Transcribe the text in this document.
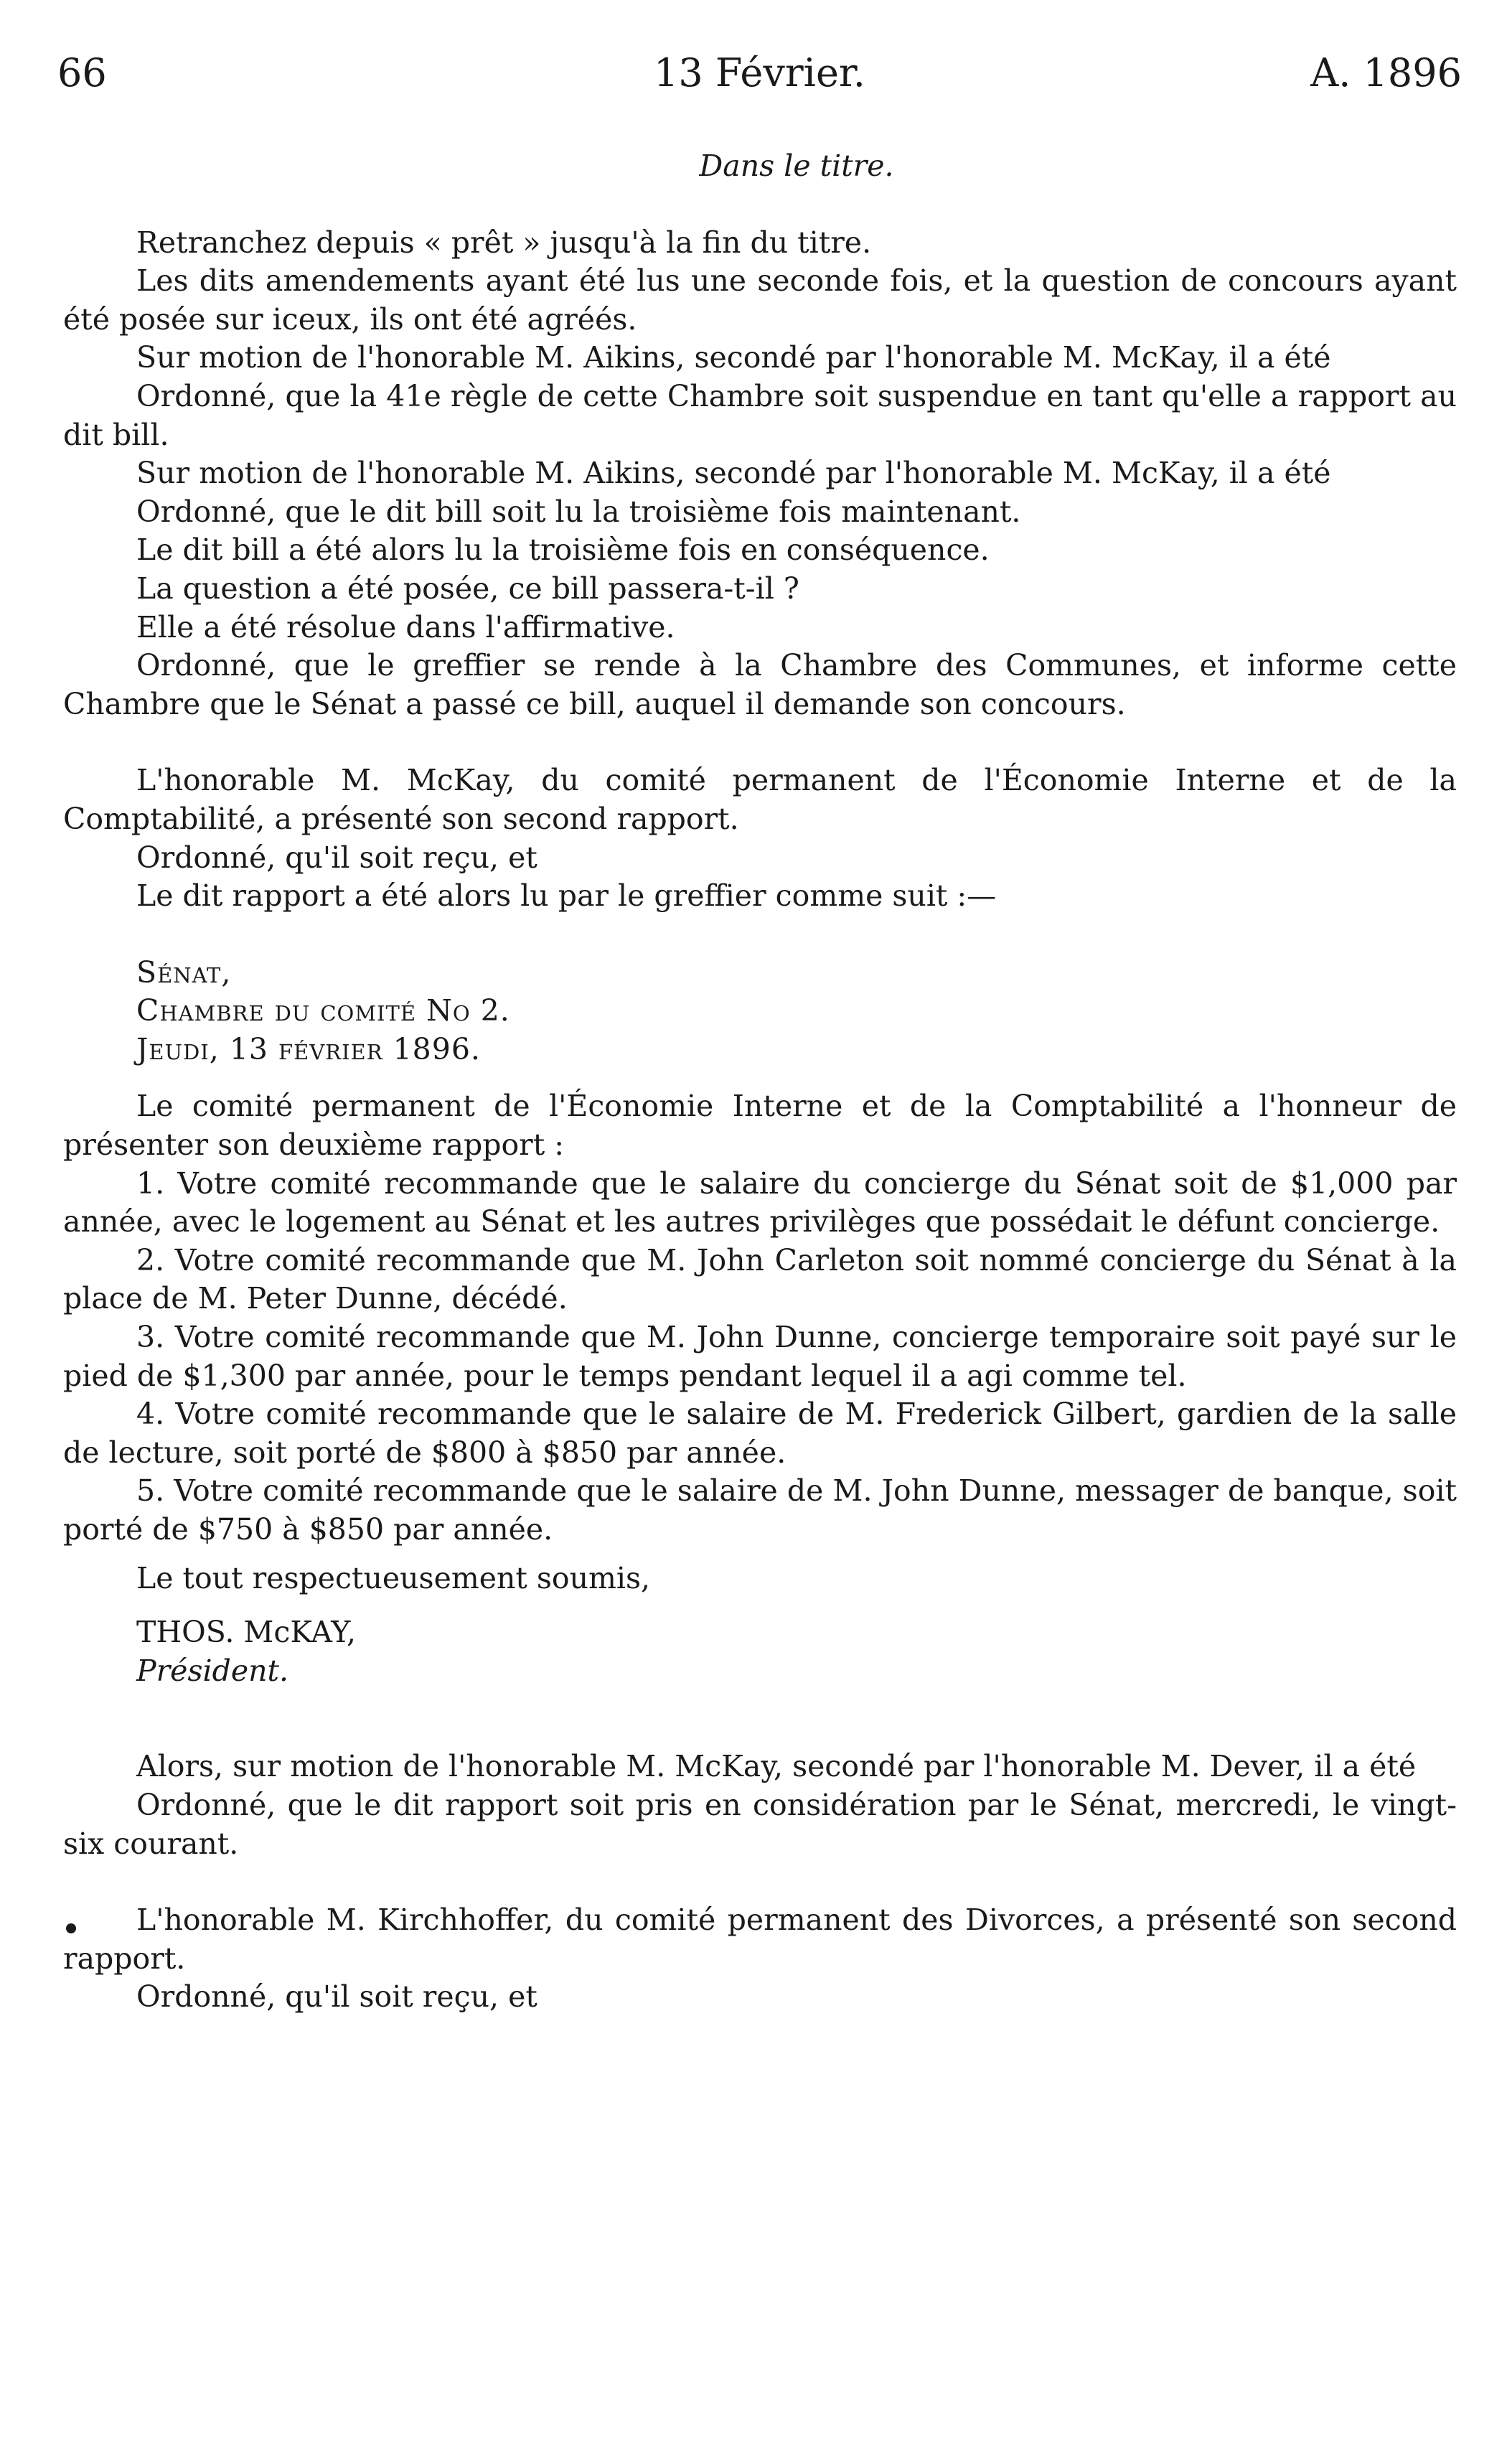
66	13 Février.	A. 1896

Dans le titre.

Retranchez depuis « prêt » jusqu'à la fin du titre.

Les dits amendements ayant été lus une seconde fois, et la question de concours ayant été posée sur iceux, ils ont été agréés.

Sur motion de l'honorable M. Aikins, secondé par l'honorable M. McKay, il a été

Ordonné, que la 41e règle de cette Chambre soit suspendue en tant qu'elle a rapport au dit bill.

Sur motion de l'honorable M. Aikins, secondé par l'honorable M. McKay, il a été

Ordonné, que le dit bill soit lu la troisième fois maintenant.

Le dit bill a été alors lu la troisième fois en conséquence.

La question a été posée, ce bill passera-t-il ?

Elle a été résolue dans l'affirmative.

Ordonné, que le greffier se rende à la Chambre des Communes, et informe cette Chambre que le Sénat a passé ce bill, auquel il demande son concours.

L'honorable M. McKay, du comité permanent de l'Économie Interne et de la Comptabilité, a présenté son second rapport.

Ordonné, qu'il soit reçu, et

Le dit rapport a été alors lu par le greffier comme suit :—

Sénat,

Chambre du comité No 2.

Jeudi, 13 février 1896.

Le comité permanent de l'Économie Interne et de la Comptabilité a l'honneur de présenter son deuxième rapport :

1. Votre comité recommande que le salaire du concierge du Sénat soit de $1,000 par année, avec le logement au Sénat et les autres privilèges que possédait le défunt concierge.

2. Votre comité recommande que M. John Carleton soit nommé concierge du Sénat à la place de M. Peter Dunne, décédé.

3. Votre comité recommande que M. John Dunne, concierge temporaire soit payé sur le pied de $1,300 par année, pour le temps pendant lequel il a agi comme tel.

4. Votre comité recommande que le salaire de M. Frederick Gilbert, gardien de la salle de lecture, soit porté de $800 à $850 par année.

5. Votre comité recommande que le salaire de M. John Dunne, messager de banque, soit porté de $750 à $850 par année.

Le tout respectueusement soumis,

THOS. McKAY,

Président.

Alors, sur motion de l'honorable M. McKay, secondé par l'honorable M. Dever, il a été

Ordonné, que le dit rapport soit pris en considération par le Sénat, mercredi, le vingt-six courant.

L'honorable M. Kirchhoffer, du comité permanent des Divorces, a présenté son second rapport.

Ordonné, qu'il soit reçu, et
